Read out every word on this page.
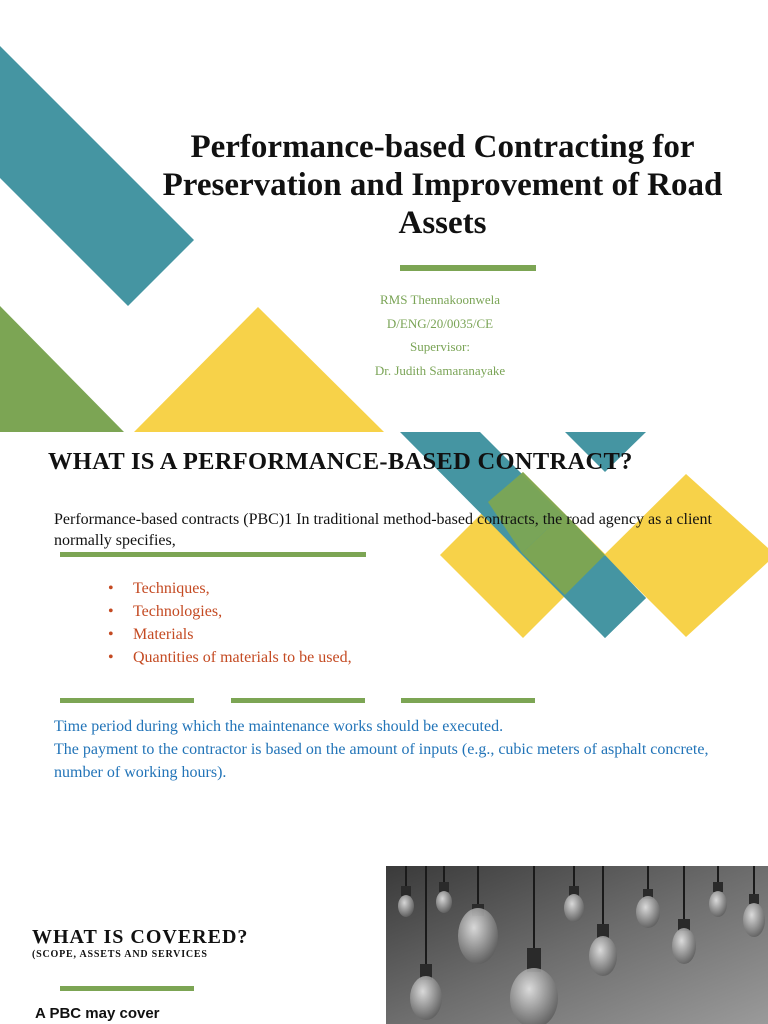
Performance-based Contracting for Preservation and Improvement of Road Assets
RMS Thennakoonwela
D/ENG/20/0035/CE
Supervisor:
Dr. Judith Samaranayake
WHAT IS A PERFORMANCE-BASED CONTRACT?
Performance-based contracts (PBC)1 In traditional method-based contracts, the road agency as a client normally specifies,
• Techniques,
• Technologies,
• Materials
• Quantities of materials to be used,
Time period during which the maintenance works should be executed.
The payment to the contractor is based on the amount of inputs (e.g., cubic meters of asphalt concrete, number of working hours).
WHAT IS COVERED?
(SCOPE, ASSETS AND SERVICES
A PBC may cover
